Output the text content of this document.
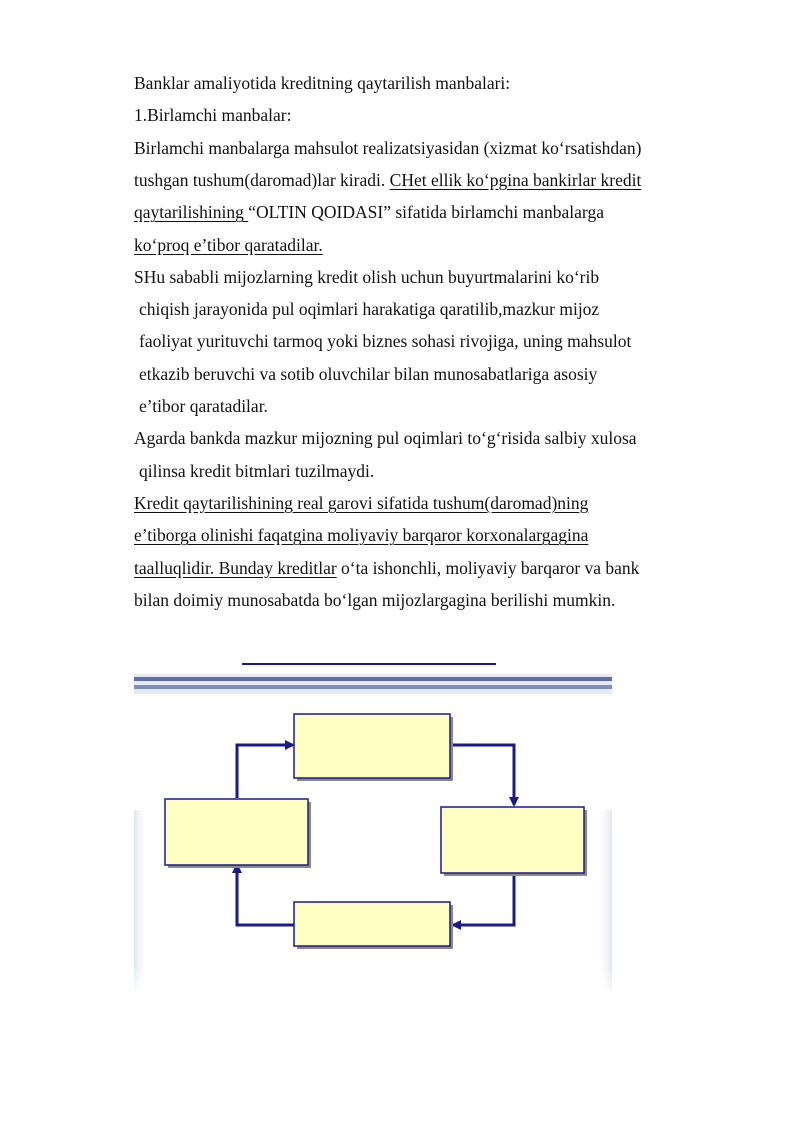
Banklar amaliyotida kreditning qaytarilish manbalari:
1.Birlamchi manbalar:
Birlamchi manbalarga mahsulot realizatsiyasidan (xizmat ko‘rsatishdan)
tushgan tushum(daromad)lar kiradi. CHet ellik ko‘pgina bankirlar kredit
qaytarilishining “OLTIN QOIDASI” sifatida birlamchi manbalarga
ko‘proq e’tibor qaratadilar.
SHu sababli mijozlarning kredit olish uchun buyurtmalarini ko‘rib
chiqish jarayonida pul oqimlari harakatiga qaratilib,mazkur mijoz
faoliyat yurituvchi tarmoq yoki biznes sohasi rivojiga, uning mahsulot
etkazib beruvchi va sotib oluvchilar bilan munosabatlariga asosiy
e’tibor qaratadilar.
Agarda bankda mazkur mijozning pul oqimlari to‘g‘risida salbiy xulosa
qilinsa kredit bitmlari tuzilmaydi.
Kredit qaytarilishining real garovi sifatida tushum(daromad)ning
e’tiborga olinishi faqatgina moliyaviy barqaror korxonalargagina
taalluqlidir. Bunday kreditlar o‘ta ishonchli, moliyaviy barqaror va bank
bilan doimiy munosabatda bo‘lgan mijozlargagina berilishi mumkin.
